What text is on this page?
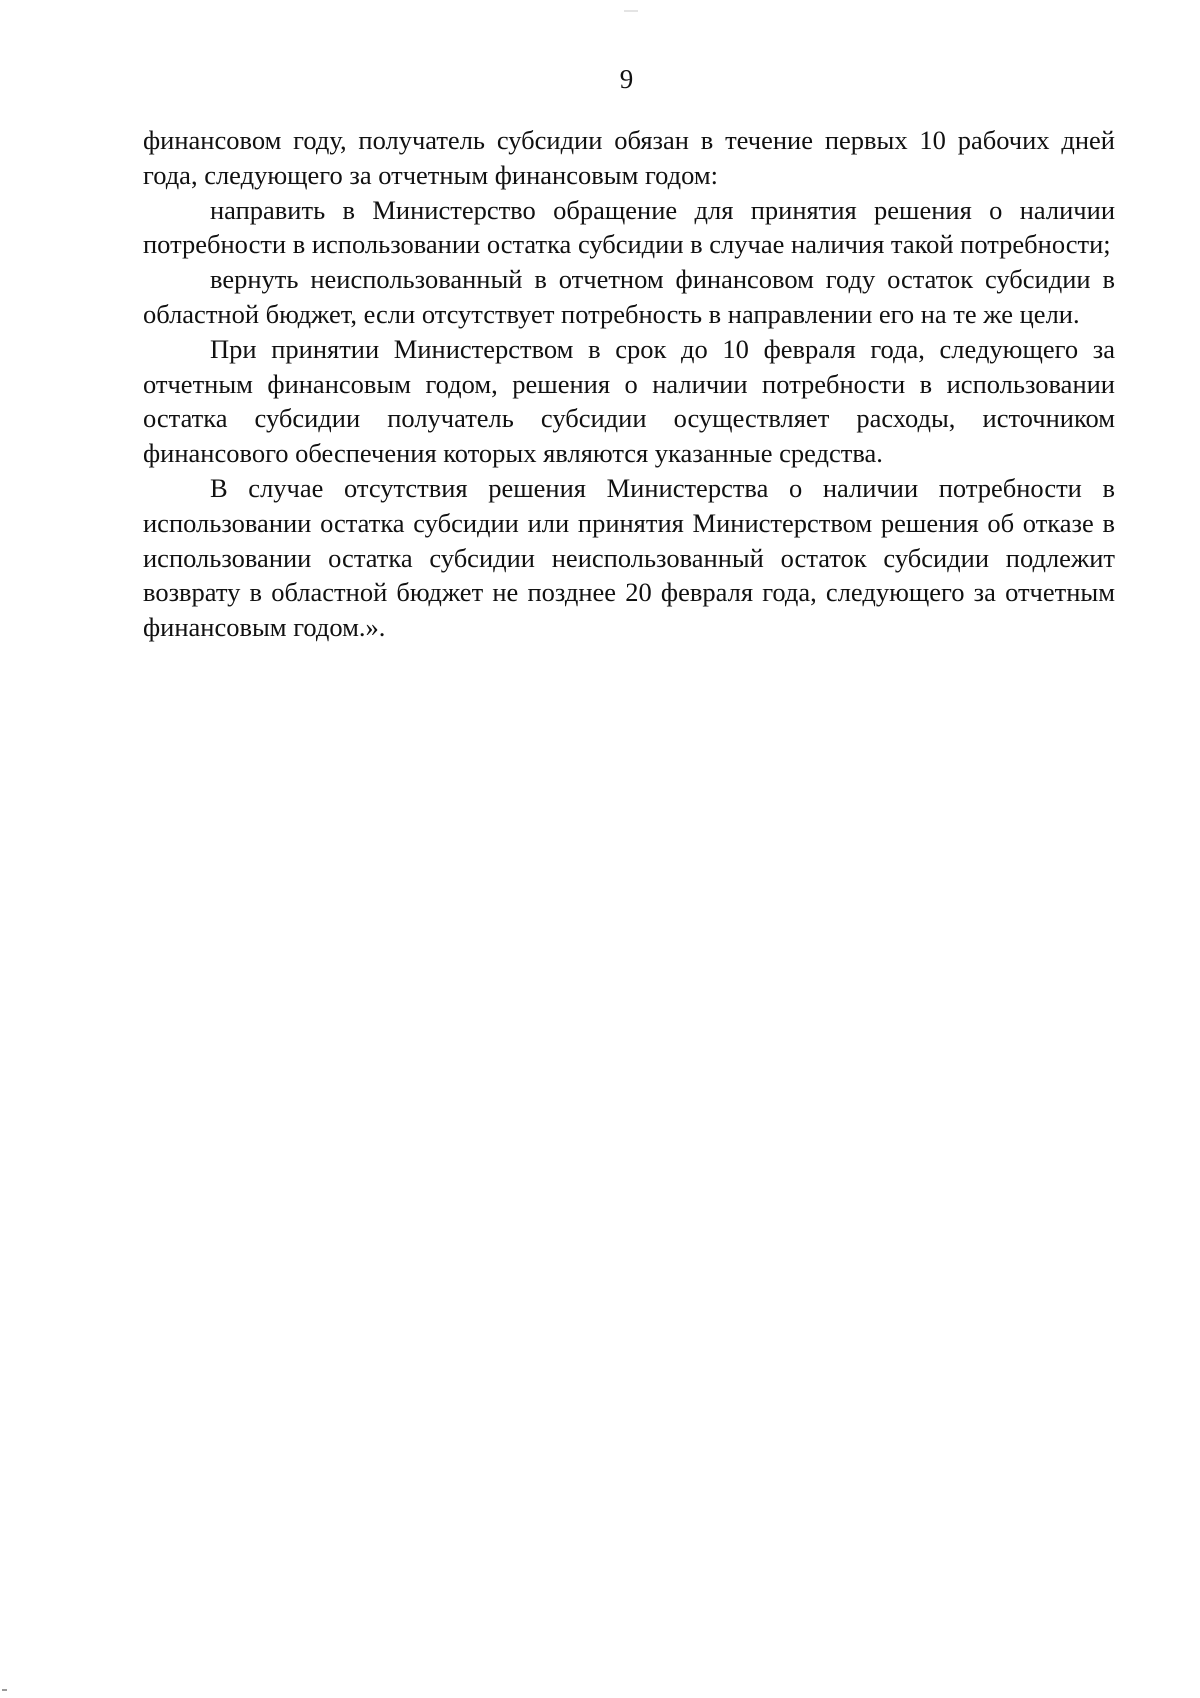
9

финансовом году, получатель субсидии обязан в течение первых 10 рабочих дней года, следующего за отчетным финансовым годом:

направить в Министерство обращение для принятия решения о наличии потребности в использовании остатка субсидии в случае наличия такой потребности;

вернуть неиспользованный в отчетном финансовом году остаток субсидии в областной бюджет, если отсутствует потребность в направлении его на те же цели.

При принятии Министерством в срок до 10 февраля года, следующего за отчетным финансовым годом, решения о наличии потребности в использовании остатка субсидии получатель субсидии осуществляет расходы, источником финансового обеспечения которых являются указанные средства.

В случае отсутствия решения Министерства о наличии потребности в использовании остатка субсидии или принятия Министерством решения об отказе в использовании остатка субсидии неиспользованный остаток субсидии подлежит возврату в областной бюджет не позднее 20 февраля года, следующего за отчетным финансовым годом.».
